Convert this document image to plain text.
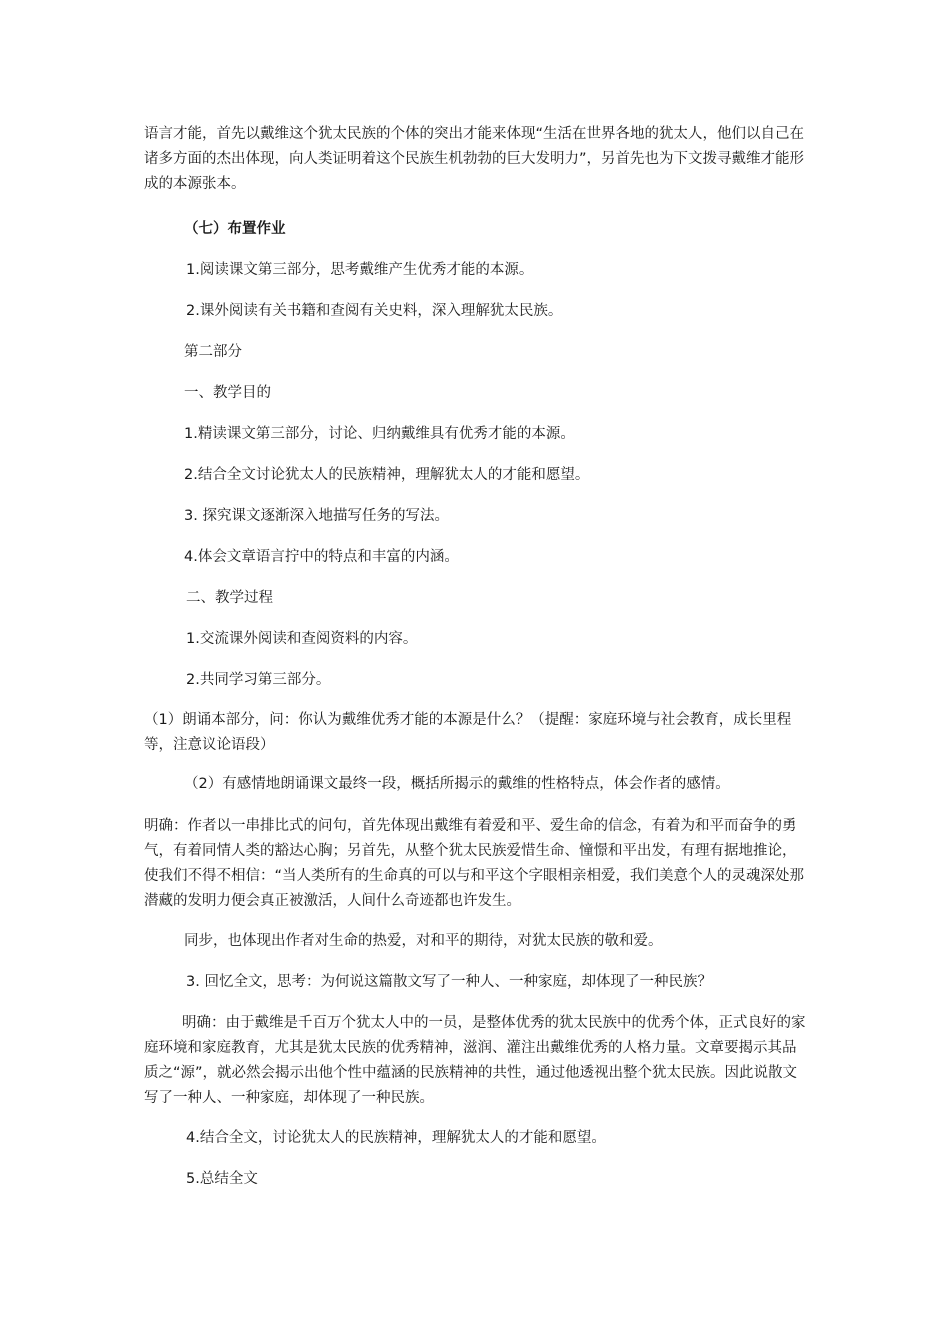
语言才能，首先以戴维这个犹太民族的个体的突出才能来体现“生活在世界各地的犹太人，他们以自己在诸多方面的杰出体现，向人类证明着这个民族生机勃勃的巨大发明力”，另首先也为下文拨寻戴维才能形成的本源张本。

（七）布置作业

1.阅读课文第三部分，思考戴维产生优秀才能的本源。

2.课外阅读有关书籍和查阅有关史料，深入理解犹太民族。

第二部分

一、教学目的

1.精读课文第三部分，讨论、归纳戴维具有优秀才能的本源。

2.结合全文讨论犹太人的民族精神，理解犹太人的才能和愿望。

3. 探究课文逐渐深入地描写任务的写法。

4.体会文章语言拧中的特点和丰富的内涵。

二、教学过程

1.交流课外阅读和查阅资料的内容。

2.共同学习第三部分。

（1）朗诵本部分，问：你认为戴维优秀才能的本源是什么？（提醒：家庭环境与社会教育，成长里程等，注意议论语段）

（2）有感情地朗诵课文最终一段，概括所揭示的戴维的性格特点，体会作者的感情。

明确：作者以一串排比式的问句，首先体现出戴维有着爱和平、爱生命的信念，有着为和平而奋争的勇气，有着同情人类的豁达心胸；另首先，从整个犹太民族爱惜生命、憧憬和平出发，有理有据地推论，使我们不得不相信：“当人类所有的生命真的可以与和平这个字眼相亲相爱，我们美意个人的灵魂深处那潜藏的发明力便会真正被激活，人间什么奇迹都也许发生。

同步，也体现出作者对生命的热爱，对和平的期待，对犹太民族的敬和爱。

3. 回忆全文，思考：为何说这篇散文写了一种人、一种家庭，却体现了一种民族？

明确：由于戴维是千百万个犹太人中的一员，是整体优秀的犹太民族中的优秀个体，正式良好的家庭环境和家庭教育，尤其是犹太民族的优秀精神，滋润、灌注出戴维优秀的人格力量。文章要揭示其品质之“源”，就必然会揭示出他个性中蕴涵的民族精神的共性，通过他透视出整个犹太民族。因此说散文写了一种人、一种家庭，却体现了一种民族。

4.结合全文，讨论犹太人的民族精神，理解犹太人的才能和愿望。

5.总结全文
